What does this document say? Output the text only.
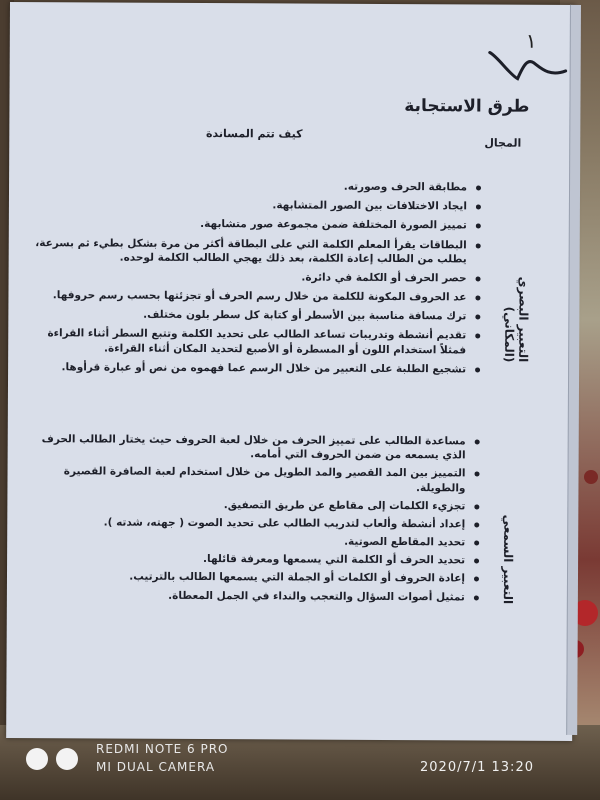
١
طرق الاستجابة
كيف تتم المساندة
المجال
التعبير البصري (المكاني)
التعبير السمعي
مطابقة الحرف وصورته.
ايجاد الاختلافات بين الصور المتشابهة.
تمييز الصورة المختلفة ضمن مجموعة صور متشابهة.
البطاقات يقرأ المعلم الكلمة التي على البطاقة أكثر من مرة بشكل بطيء ثم بسرعة، يطلب من الطالب إعادة الكلمة، بعد ذلك يهجي الطالب الكلمة لوحده.
حصر الحرف أو الكلمة في دائرة.
عد الحروف المكونة للكلمة من خلال رسم الحرف أو تجزئتها بحسب رسم حروفها.
ترك مسافة مناسبة بين الأسطر أو كتابة كل سطر بلون مختلف.
تقديم أنشطة وتدريبات تساعد الطالب على تحديد الكلمة وتتبع السطر أثناء القراءة فمثلاً استخدام اللون أو المسطرة أو الأصبع لتحديد المكان أثناء القراءة.
تشجيع الطلبة على التعبير من خلال الرسم عما فهموه من نص أو عبارة قرأوها.
مساعدة الطالب على تمييز الحرف من خلال لعبة الحروف حيث يختار الطالب الحرف الذي يسمعه من ضمن الحروف التي أمامه.
التمييز بين المد القصير والمد الطويل من خلال استخدام لعبة الصافرة القصيرة والطويلة.
تجزيء الكلمات إلى مقاطع عن طريق التصفيق.
إعداد أنشطة وألعاب لتدريب الطالب على تحديد الصوت ( جهته، شدته ).
تحديد المقاطع الصوتية.
تحديد الحرف أو الكلمة التي يسمعها ومعرفة قائلها.
إعادة الحروف أو الكلمات أو الجملة التي يسمعها الطالب بالترتيب.
تمثيل أصوات السؤال والتعجب والنداء في الجمل المعطاة.
REDMI NOTE 6 PRO
MI DUAL CAMERA	2020/7/1 13:20
